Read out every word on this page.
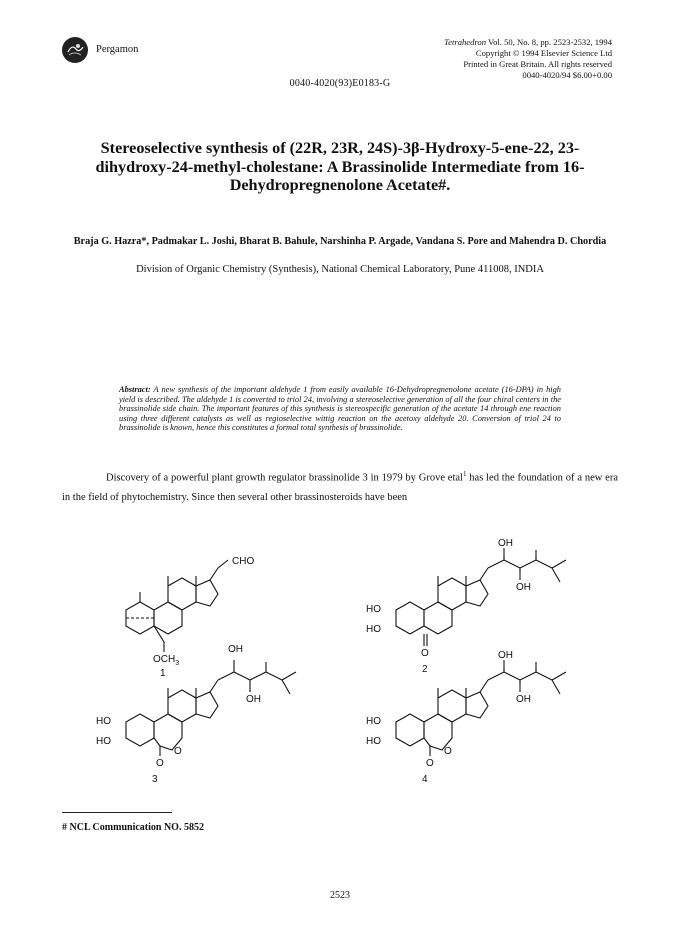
Pergamon
Tetrahedron Vol. 50, No. 8, pp. 2523-2532, 1994
Copyright © 1994 Elsevier Science Ltd
Printed in Great Britain. All rights reserved
0040-4020/94 $6.00+0.00
0040-4020(93)E0183-G
Stereoselective synthesis of (22R, 23R, 24S)-3β-Hydroxy-5-ene-22, 23-dihydroxy-24-methyl-cholestane: A Brassinolide Intermediate from 16-Dehydropregnenolone Acetate#.
Braja G. Hazra*, Padmakar L. Joshi, Bharat B. Bahule, Narshinha P. Argade, Vandana S. Pore and Mahendra D. Chordia
Division of Organic Chemistry (Synthesis), National Chemical Laboratory, Pune 411008, INDIA
Abstract: A new synthesis of the important aldehyde 1 from easily available 16-Dehydropregnenolone acetate (16-DPA) in high yield is described. The aldehyde 1 is converted to triol 24, involving a stereoselective generation of all the four chiral centers in the brassinolide side chain. The important features of this synthesis is stereospecific generation of the acetate 14 through ene reaction using three different catalysts as well as regioselective wittig reaction on the acetoxy aldehyde 20. Conversion of triol 24 to brassinolide is known, hence this constitutes a formal total synthesis of brassinolide.

Discovery of a powerful plant growth regulator brassinolide 3 in 1979 by Grove etal$^1$ has led the foundation of a new era in the field of phytochemistry. Since then several other brassinosteroids have been

CHO
$OCH_3$
1
OH
OH
HO
HO
O
2
OH
OH
HO
HO
O
O
3
OH
OH
HO
HO
O
O
4
# NCL Communication NO. 5852
2523
